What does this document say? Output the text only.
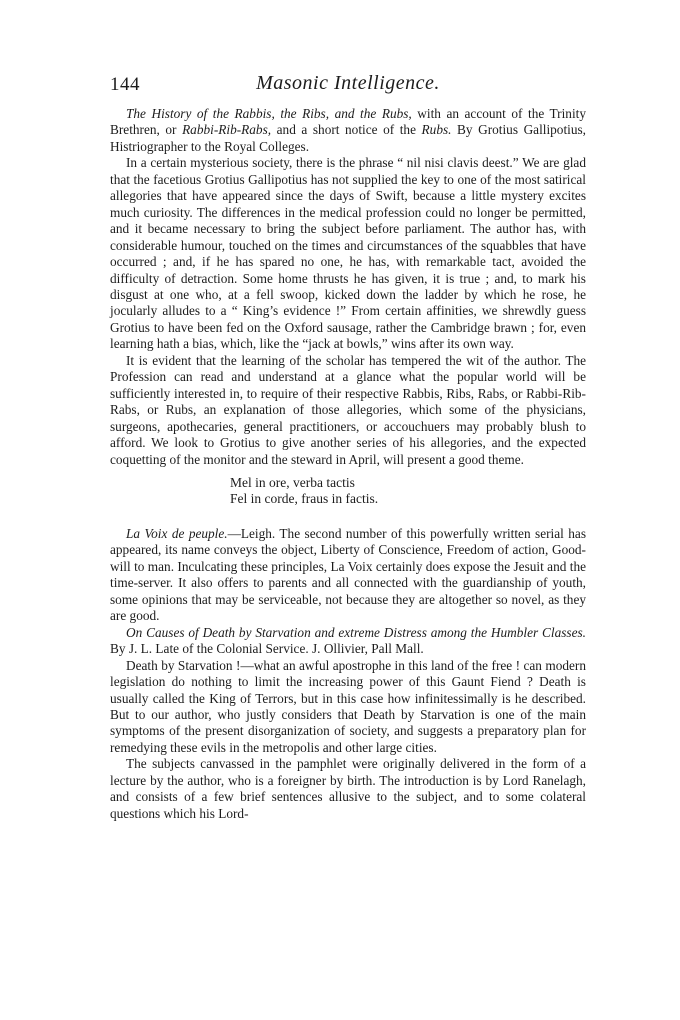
144	Masonic Intelligence.

The History of the Rabbis, the Ribs, and the Rubs, with an account of the Trinity Brethren, or Rabbi-Rib-Rabs, and a short notice of the Rubs. By Grotius Gallipotius, Histriographer to the Royal Colleges.

In a certain mysterious society, there is the phrase “ nil nisi clavis deest.” We are glad that the facetious Grotius Gallipotius has not supplied the key to one of the most satirical allegories that have appeared since the days of Swift, because a little mystery excites much curiosity. The differences in the medical profession could no longer be permitted, and it became necessary to bring the subject before parliament. The author has, with considerable humour, touched on the times and circumstances of the squabbles that have occurred ; and, if he has spared no one, he has, with remarkable tact, avoided the difficulty of detraction. Some home thrusts he has given, it is true ; and, to mark his disgust at one who, at a fell swoop, kicked down the ladder by which he rose, he jocularly alludes to a “ King’s evidence !” From certain affinities, we shrewdly guess Grotius to have been fed on the Oxford sausage, rather the Cambridge brawn ; for, even learning hath a bias, which, like the “jack at bowls,” wins after its own way.

It is evident that the learning of the scholar has tempered the wit of the author. The Profession can read and understand at a glance what the popular world will be sufficiently interested in, to require of their respective Rabbis, Ribs, Rabs, or Rabbi-Rib-Rabs, or Rubs, an explanation of those allegories, which some of the physicians, surgeons, apothecaries, general practitioners, or accouchuers may probably blush to afford. We look to Grotius to give another series of his allegories, and the expected coquetting of the monitor and the steward in April, will present a good theme.

Mel in ore, verba tactis
Fel in corde, fraus in factis.

La Voix de peuple.—Leigh. The second number of this powerfully written serial has appeared, its name conveys the object, Liberty of Conscience, Freedom of action, Good-will to man. Inculcating these principles, La Voix certainly does expose the Jesuit and the time-server. It also offers to parents and all connected with the guardianship of youth, some opinions that may be serviceable, not because they are altogether so novel, as they are good.

On Causes of Death by Starvation and extreme Distress among the Humbler Classes. By J. L. Late of the Colonial Service. J. Ollivier, Pall Mall.

Death by Starvation !—what an awful apostrophe in this land of the free ! can modern legislation do nothing to limit the increasing power of this Gaunt Fiend ? Death is usually called the King of Terrors, but in this case how infinitessimally is he described. But to our author, who justly considers that Death by Starvation is one of the main symptoms of the present disorganization of society, and suggests a preparatory plan for remedying these evils in the metropolis and other large cities.

The subjects canvassed in the pamphlet were originally delivered in the form of a lecture by the author, who is a foreigner by birth. The introduction is by Lord Ranelagh, and consists of a few brief sentences allusive to the subject, and to some colateral questions which his Lord-
